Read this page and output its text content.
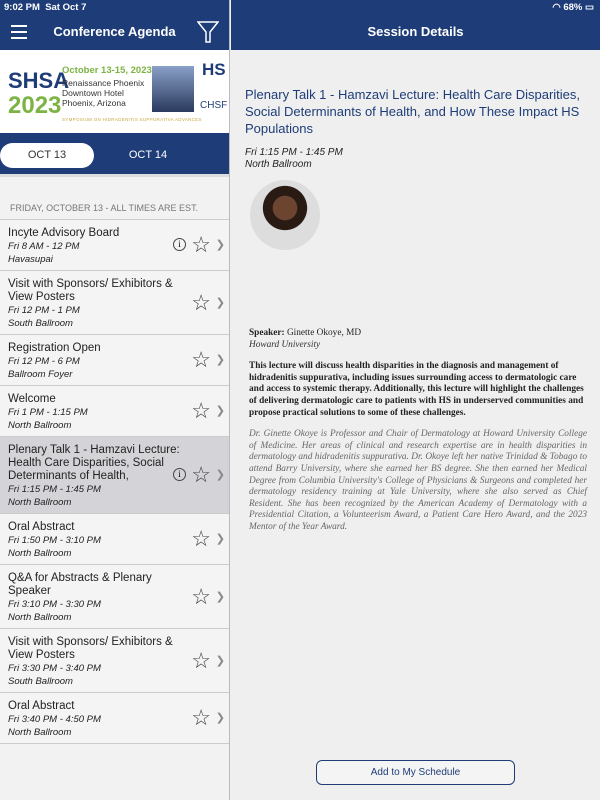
9:02 PM Sat Oct 7	◠ 68% ▭
Conference Agenda
SHSA
2023
October 13-15, 2023
Renaissance Phoenix
Downtown Hotel
Phoenix, Arizona
SYMPOSIUM ON HIDRADENITIS SUPPURATIVA ADVANCES
HS
CHSF
OCT 13	OCT 14
FRIDAY, OCTOBER 13 - ALL TIMES ARE EST.
Incyte Advisory Board
Fri 8 AM - 12 PM
Havasupai
i ☆ ❯
Visit with Sponsors/ Exhibitors & View Posters
Fri 12 PM - 1 PM
South Ballroom
☆ ❯
Registration Open
Fri 12 PM - 6 PM
Ballroom Foyer
☆ ❯
Welcome
Fri 1 PM - 1:15 PM
North Ballroom
☆ ❯
Plenary Talk 1 - Hamzavi Lecture: Health Care Disparities, Social Determinants of Health,
Fri 1:15 PM - 1:45 PM
North Ballroom
i ☆ ❯
Oral Abstract
Fri 1:50 PM - 3:10 PM
North Ballroom
☆ ❯
Q&A for Abstracts & Plenary Speaker
Fri 3:10 PM - 3:30 PM
North Ballroom
☆ ❯
Visit with Sponsors/ Exhibitors & View Posters
Fri 3:30 PM - 3:40 PM
South Ballroom
☆ ❯
Oral Abstract
Fri 3:40 PM - 4:50 PM
North Ballroom
☆ ❯
Session Details
Plenary Talk 1 - Hamzavi Lecture: Health Care Disparities, Social Determinants of Health, and How These Impact HS Populations
Fri 1:15 PM - 1:45 PM
North Ballroom
Speaker: Ginette Okoye, MD
Howard University
This lecture will discuss health disparities in the diagnosis and management of hidradenitis suppurativa, including issues surrounding access to dermatologic care and access to systemic therapy. Additionally, this lecture will highlight the challenges of delivering dermatologic care to patients with HS in underserved communities and propose practical solutions to some of these challenges.
Dr. Ginette Okoye is Professor and Chair of Dermatology at Howard University College of Medicine. Her areas of clinical and research expertise are in health disparities in dermatology and hidradenitis suppurativa. Dr. Okoye left her native Trinidad & Tobago to attend Barry University, where she earned her BS degree. She then earned her Medical Degree from Columbia University's College of Physicians & Surgeons and completed her dermatology residency training at Yale University, where she also served as Chief Resident. She has been recognized by the American Academy of Dermatology with a Presidential Citation, a Volunteerism Award, a Patient Care Hero Award, and the 2023 Mentor of the Year Award.
Add to My Schedule
